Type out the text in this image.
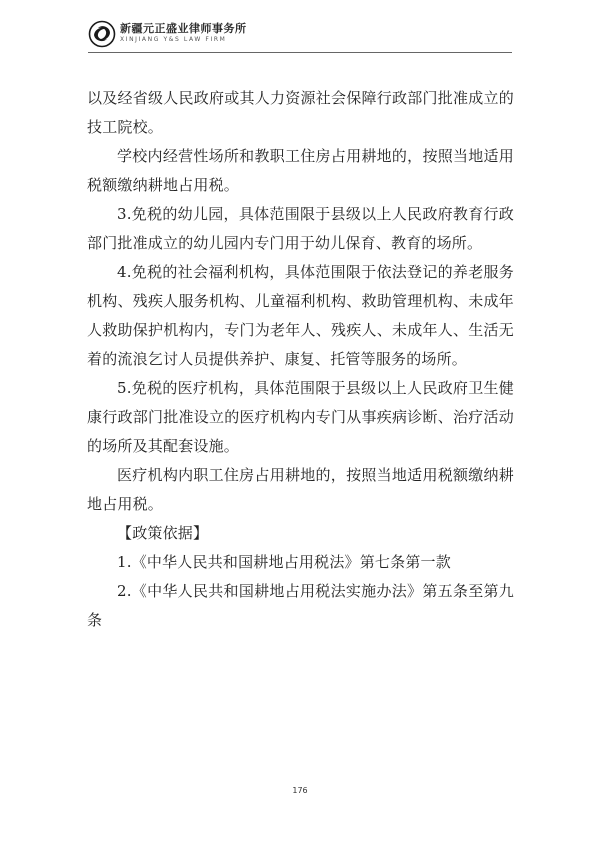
新疆元正盛业律师事务所
XINJIANG Y&S LAW FIRM

以及经省级人民政府或其人力资源社会保障行政部门批准成立的技工院校。

学校内经营性场所和教职工住房占用耕地的，按照当地适用税额缴纳耕地占用税。

3.免税的幼儿园，具体范围限于县级以上人民政府教育行政部门批准成立的幼儿园内专门用于幼儿保育、教育的场所。

4.免税的社会福利机构，具体范围限于依法登记的养老服务机构、残疾人服务机构、儿童福利机构、救助管理机构、未成年人救助保护机构内，专门为老年人、残疾人、未成年人、生活无着的流浪乞讨人员提供养护、康复、托管等服务的场所。

5.免税的医疗机构，具体范围限于县级以上人民政府卫生健康行政部门批准设立的医疗机构内专门从事疾病诊断、治疗活动的场所及其配套设施。

医疗机构内职工住房占用耕地的，按照当地适用税额缴纳耕地占用税。

【政策依据】

1.《中华人民共和国耕地占用税法》第七条第一款

2.《中华人民共和国耕地占用税法实施办法》第五条至第九条

176
